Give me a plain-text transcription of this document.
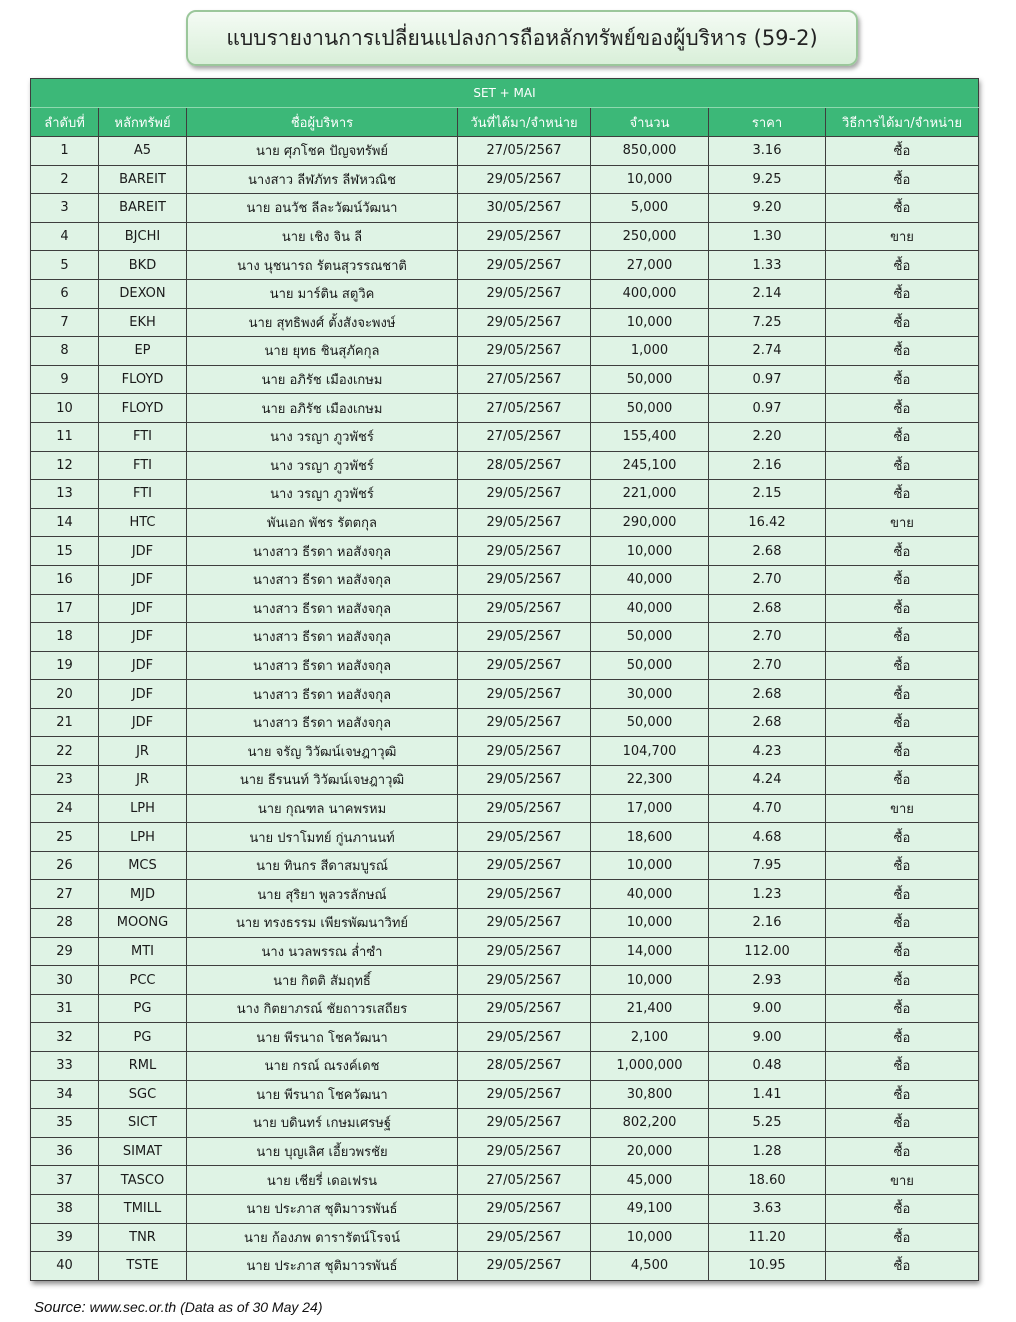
แบบรายงานการเปลี่ยนแปลงการถือหลักทรัพย์ของผู้บริหาร (59-2)
SET + MAI						
ลำดับที่	หลักทรัพย์	ชื่อผู้บริหาร	วันที่ได้มา/จำหน่าย	จำนวน	ราคา	วิธีการได้มา/จำหน่าย
1	A5	นาย ศุภโชค ปัญจทรัพย์	27/05/2567	850,000	3.16	ซื้อ
2	BAREIT	นางสาว ลีฬภัทร ลีฬหวณิช	29/05/2567	10,000	9.25	ซื้อ
3	BAREIT	นาย อนวัช ลีละวัฒน์วัฒนา	30/05/2567	5,000	9.20	ซื้อ
4	BJCHI	นาย เชิง จิน ลี	29/05/2567	250,000	1.30	ขาย
5	BKD	นาง นุชนารถ รัตนสุวรรณชาติ	29/05/2567	27,000	1.33	ซื้อ
6	DEXON	นาย มาร์ติน สตูวิค	29/05/2567	400,000	2.14	ซื้อ
7	EKH	นาย สุทธิพงศ์ ตั้งสังจะพงษ์	29/05/2567	10,000	7.25	ซื้อ
8	EP	นาย ยุทธ ชินสุภัคกุล	29/05/2567	1,000	2.74	ซื้อ
9	FLOYD	นาย อภิรัช เมืองเกษม	27/05/2567	50,000	0.97	ซื้อ
10	FLOYD	นาย อภิรัช เมืองเกษม	27/05/2567	50,000	0.97	ซื้อ
11	FTI	นาง วรญา ภูวพัชร์	27/05/2567	155,400	2.20	ซื้อ
12	FTI	นาง วรญา ภูวพัชร์	28/05/2567	245,100	2.16	ซื้อ
13	FTI	นาง วรญา ภูวพัชร์	29/05/2567	221,000	2.15	ซื้อ
14	HTC	พันเอก พัชร รัตตกุล	29/05/2567	290,000	16.42	ขาย
15	JDF	นางสาว ธีรดา หอสังจกุล	29/05/2567	10,000	2.68	ซื้อ
16	JDF	นางสาว ธีรดา หอสังจกุล	29/05/2567	40,000	2.70	ซื้อ
17	JDF	นางสาว ธีรดา หอสังจกุล	29/05/2567	40,000	2.68	ซื้อ
18	JDF	นางสาว ธีรดา หอสังจกุล	29/05/2567	50,000	2.70	ซื้อ
19	JDF	นางสาว ธีรดา หอสังจกุล	29/05/2567	50,000	2.70	ซื้อ
20	JDF	นางสาว ธีรดา หอสังจกุล	29/05/2567	30,000	2.68	ซื้อ
21	JDF	นางสาว ธีรดา หอสังจกุล	29/05/2567	50,000	2.68	ซื้อ
22	JR	นาย จรัญ วิวัฒน์เจษฎาวุฒิ	29/05/2567	104,700	4.23	ซื้อ
23	JR	นาย ธีรนนท์ วิวัฒน์เจษฎาวุฒิ	29/05/2567	22,300	4.24	ซื้อ
24	LPH	นาย กุณฑล นาคพรหม	29/05/2567	17,000	4.70	ขาย
25	LPH	นาย ปราโมทย์ กู่นภานนท์	29/05/2567	18,600	4.68	ซื้อ
26	MCS	นาย ทินกร สีดาสมบูรณ์	29/05/2567	10,000	7.95	ซื้อ
27	MJD	นาย สุริยา พูลวรลักษณ์	29/05/2567	40,000	1.23	ซื้อ
28	MOONG	นาย ทรงธรรม เพียรพัฒนาวิทย์	29/05/2567	10,000	2.16	ซื้อ
29	MTI	นาง นวลพรรณ ล่ำซำ	29/05/2567	14,000	112.00	ซื้อ
30	PCC	นาย กิตติ สัมฤทธิ์	29/05/2567	10,000	2.93	ซื้อ
31	PG	นาง กิตยาภรณ์ ชัยถาวรเสถียร	29/05/2567	21,400	9.00	ซื้อ
32	PG	นาย พีรนาถ โชควัฒนา	29/05/2567	2,100	9.00	ซื้อ
33	RML	นาย กรณ์ ณรงค์เดช	28/05/2567	1,000,000	0.48	ซื้อ
34	SGC	นาย พีรนาถ โชควัฒนา	29/05/2567	30,800	1.41	ซื้อ
35	SICT	นาย บดินทร์ เกษมเศรษฐ์	29/05/2567	802,200	5.25	ซื้อ
36	SIMAT	นาย บุญเลิศ เอี้ยวพรชัย	29/05/2567	20,000	1.28	ซื้อ
37	TASCO	นาย เชียรี่ เดอเฟรน	27/05/2567	45,000	18.60	ขาย
38	TMILL	นาย ประภาส ชุติมาวรพันธ์	29/05/2567	49,100	3.63	ซื้อ
39	TNR	นาย ก้องภพ ดารารัตน์โรจน์	29/05/2567	10,000	11.20	ซื้อ
40	TSTE	นาย ประภาส ชุติมาวรพันธ์	29/05/2567	4,500	10.95	ซื้อ
Source: www.sec.or.th (Data as of 30 May 24)
